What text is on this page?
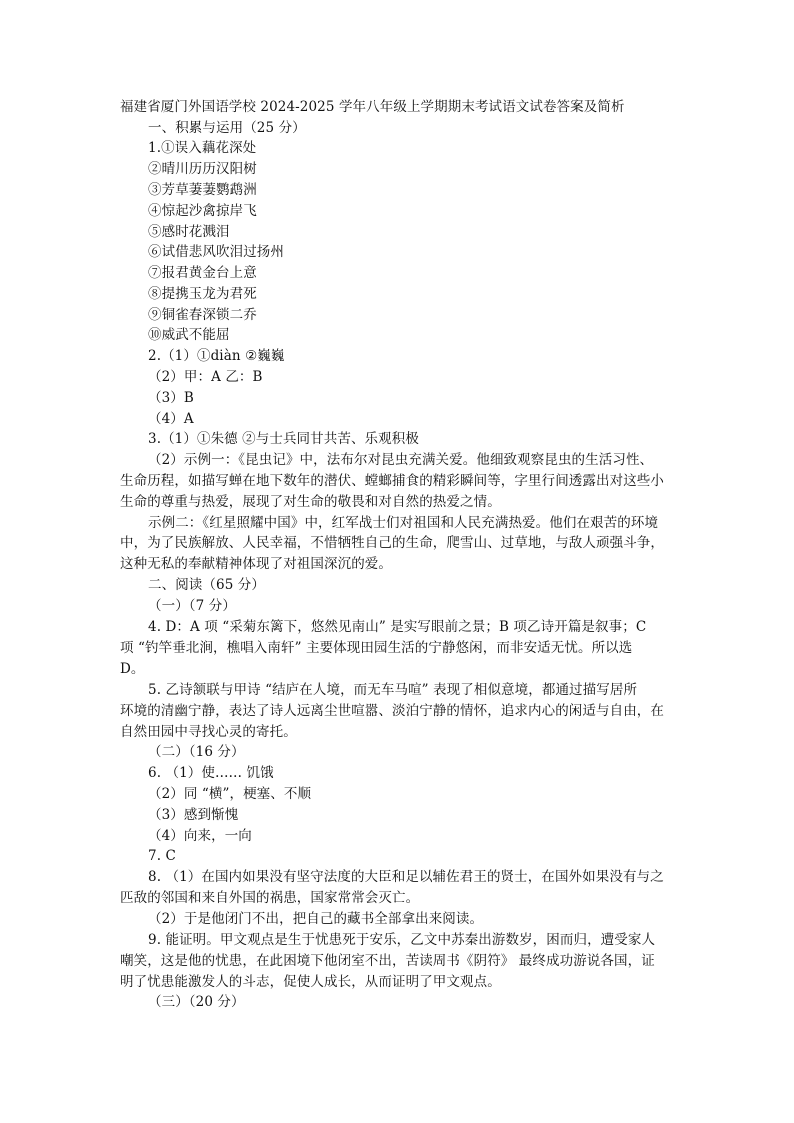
福建省厦门外国语学校 2024-2025 学年八年级上学期期末考试语文试卷答案及简析
一、积累与运用（25 分）
1.①误入藕花深处
②晴川历历汉阳树
③芳草萋萋鹦鹉洲
④惊起沙禽掠岸飞
⑤感时花溅泪
⑥试借悲风吹泪过扬州
⑦报君黄金台上意
⑧提携玉龙为君死
⑨铜雀春深锁二乔
⑩威武不能屈
2.（1）①diàn ②巍巍
（2）甲：A 乙：B
（3）B
（4）A
3.（1）①朱德 ②与士兵同甘共苦、乐观积极
（2）示例一：《昆虫记》中，法布尔对昆虫充满关爱。他细致观察昆虫的生活习性、
生命历程，如描写蝉在地下数年的潜伏、螳螂捕食的精彩瞬间等，字里行间透露出对这些小
生命的尊重与热爱，展现了对生命的敬畏和对自然的热爱之情。
示例二：《红星照耀中国》中，红军战士们对祖国和人民充满热爱。他们在艰苦的环境
中，为了民族解放、人民幸福，不惜牺牲自己的生命，爬雪山、过草地，与敌人顽强斗争，
这种无私的奉献精神体现了对祖国深沉的爱。
二、阅读（65 分）
（一）（7 分）
4. D：A 项 “采菊东篱下，悠然见南山” 是实写眼前之景；B 项乙诗开篇是叙事；C
项 “钓竿垂北涧，樵唱入南轩” 主要体现田园生活的宁静悠闲，而非安适无忧。所以选
D。
5. 乙诗颔联与甲诗 “结庐在人境，而无车马喧” 表现了相似意境，都通过描写居所
环境的清幽宁静，表达了诗人远离尘世喧嚣、淡泊宁静的情怀，追求内心的闲适与自由，在
自然田园中寻找心灵的寄托。
（二）（16 分）
6. （1）使…… 饥饿
（2）同 “横”，梗塞、不顺
（3）感到惭愧
（4）向来，一向
7. C
8. （1）在国内如果没有坚守法度的大臣和足以辅佐君王的贤士，在国外如果没有与之
匹敌的邻国和来自外国的祸患，国家常常会灭亡。
（2）于是他闭门不出，把自己的藏书全部拿出来阅读。
9. 能证明。甲文观点是生于忧患死于安乐，乙文中苏秦出游数岁，困而归，遭受家人
嘲笑，这是他的忧患，在此困境下他闭室不出，苦读周书《阴符》 最终成功游说各国，证
明了忧患能激发人的斗志，促使人成长，从而证明了甲文观点。
（三）（20 分）
